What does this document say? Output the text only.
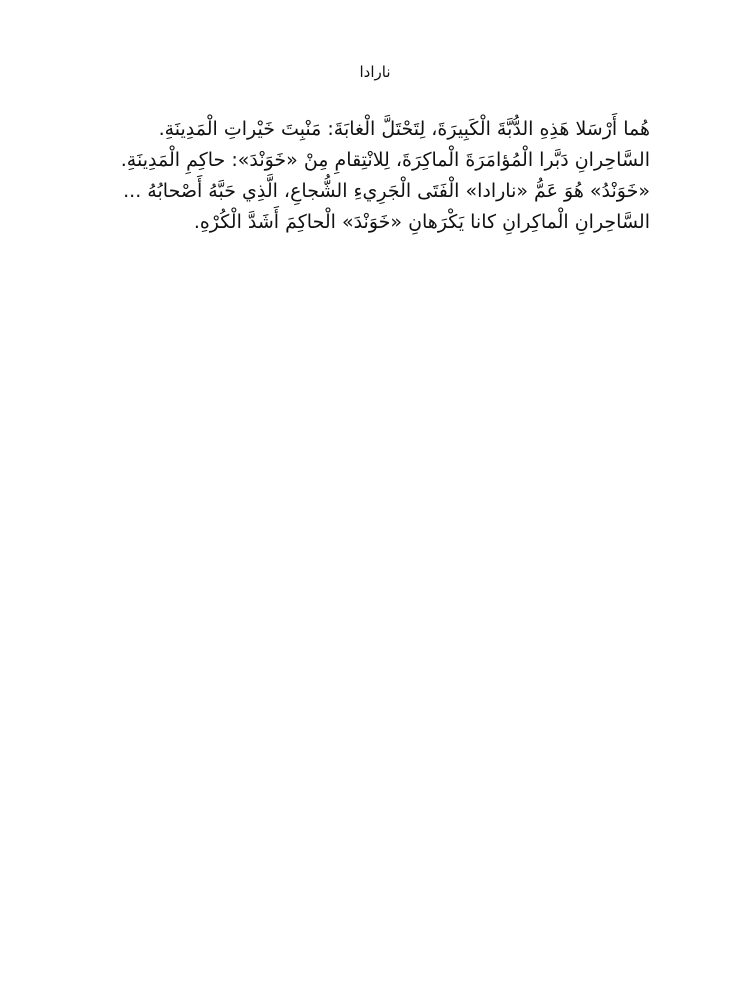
نارادا
هُما أَرْسَلا هَذِهِ الدُّبَّةَ الْكَبِيرَةَ، لِتَحْتَلَّ الْغابَةَ: مَنْبِتَ خَيْراتِ الْمَدِينَةِ.
السَّاحِرانِ دَبَّرا الْمُؤامَرَةَ الْماكِرَةَ، لِلانْتِقامِ مِنْ «خَوَنْدَ»: حاكِمِ الْمَدِينَةِ.
«خَوَنْدُ» هُوَ عَمُّ «نارادا» الْفَتَى الْجَرِيءِ الشُّجاعِ، الَّذِي حَبَّهُ أَصْحابُهُ ...
السَّاحِرانِ الْماكِرانِ كانا يَكْرَهانِ «خَوَنْدَ» الْحاكِمَ أَشَدَّ الْكُرْهِ.
